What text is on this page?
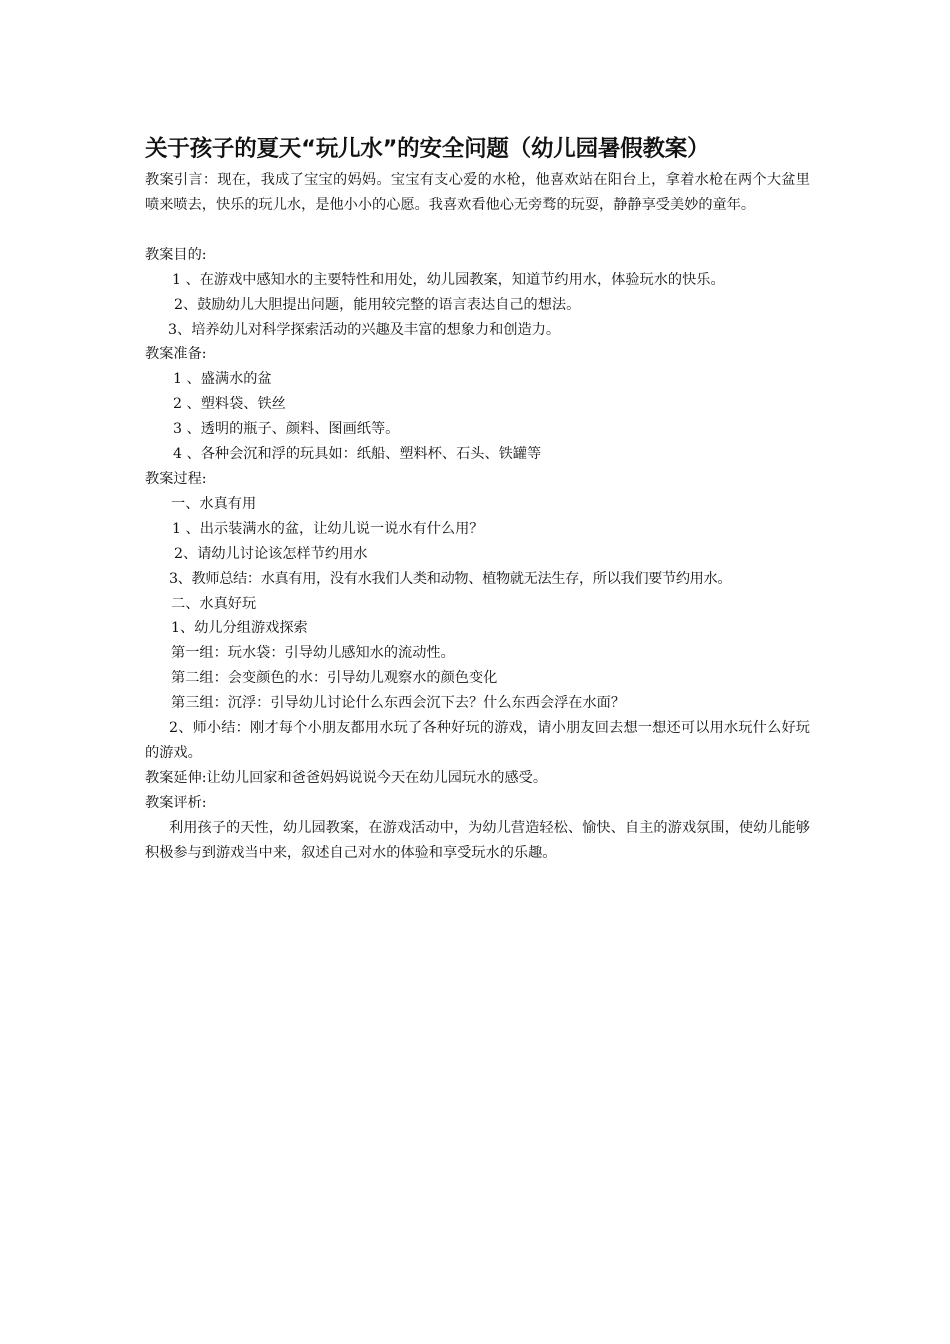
关于孩子的夏天“玩儿水”的安全问题（幼儿园暑假教案）

教案引言：现在，我成了宝宝的妈妈。宝宝有支心爱的水枪，他喜欢站在阳台上，拿着水枪在两个大盆里喷来喷去，快乐的玩儿水，是他小小的心愿。我喜欢看他心无旁骛的玩耍，静静享受美妙的童年。

教案目的:

1 、在游戏中感知水的主要特性和用处，幼儿园教案，知道节约用水，体验玩水的快乐。

2、鼓励幼儿大胆提出问题，能用较完整的语言表达自己的想法。

3、培养幼儿对科学探索活动的兴趣及丰富的想象力和创造力。

教案准备:

1 、盛满水的盆

2 、塑料袋、铁丝

3 、透明的瓶子、颜料、图画纸等。

4 、各种会沉和浮的玩具如：纸船、塑料杯、石头、铁罐等

教案过程:

一、水真有用

1 、出示装满水的盆，让幼儿说一说水有什么用？

2、请幼儿讨论该怎样节约用水

3、教师总结：水真有用，没有水我们人类和动物、植物就无法生存，所以我们要节约用水。

二、水真好玩

1、幼儿分组游戏探索

第一组：玩水袋：引导幼儿感知水的流动性。

第二组：会变颜色的水：引导幼儿观察水的颜色变化

第三组：沉浮：引导幼儿讨论什么东西会沉下去？什么东西会浮在水面？

2、师小结：刚才每个小朋友都用水玩了各种好玩的游戏，请小朋友回去想一想还可以用水玩什么好玩的游戏。

教案延伸:让幼儿回家和爸爸妈妈说说今天在幼儿园玩水的感受。

教案评析:

利用孩子的天性，幼儿园教案，在游戏活动中，为幼儿营造轻松、愉快、自主的游戏氛围，使幼儿能够积极参与到游戏当中来，叙述自己对水的体验和享受玩水的乐趣。
